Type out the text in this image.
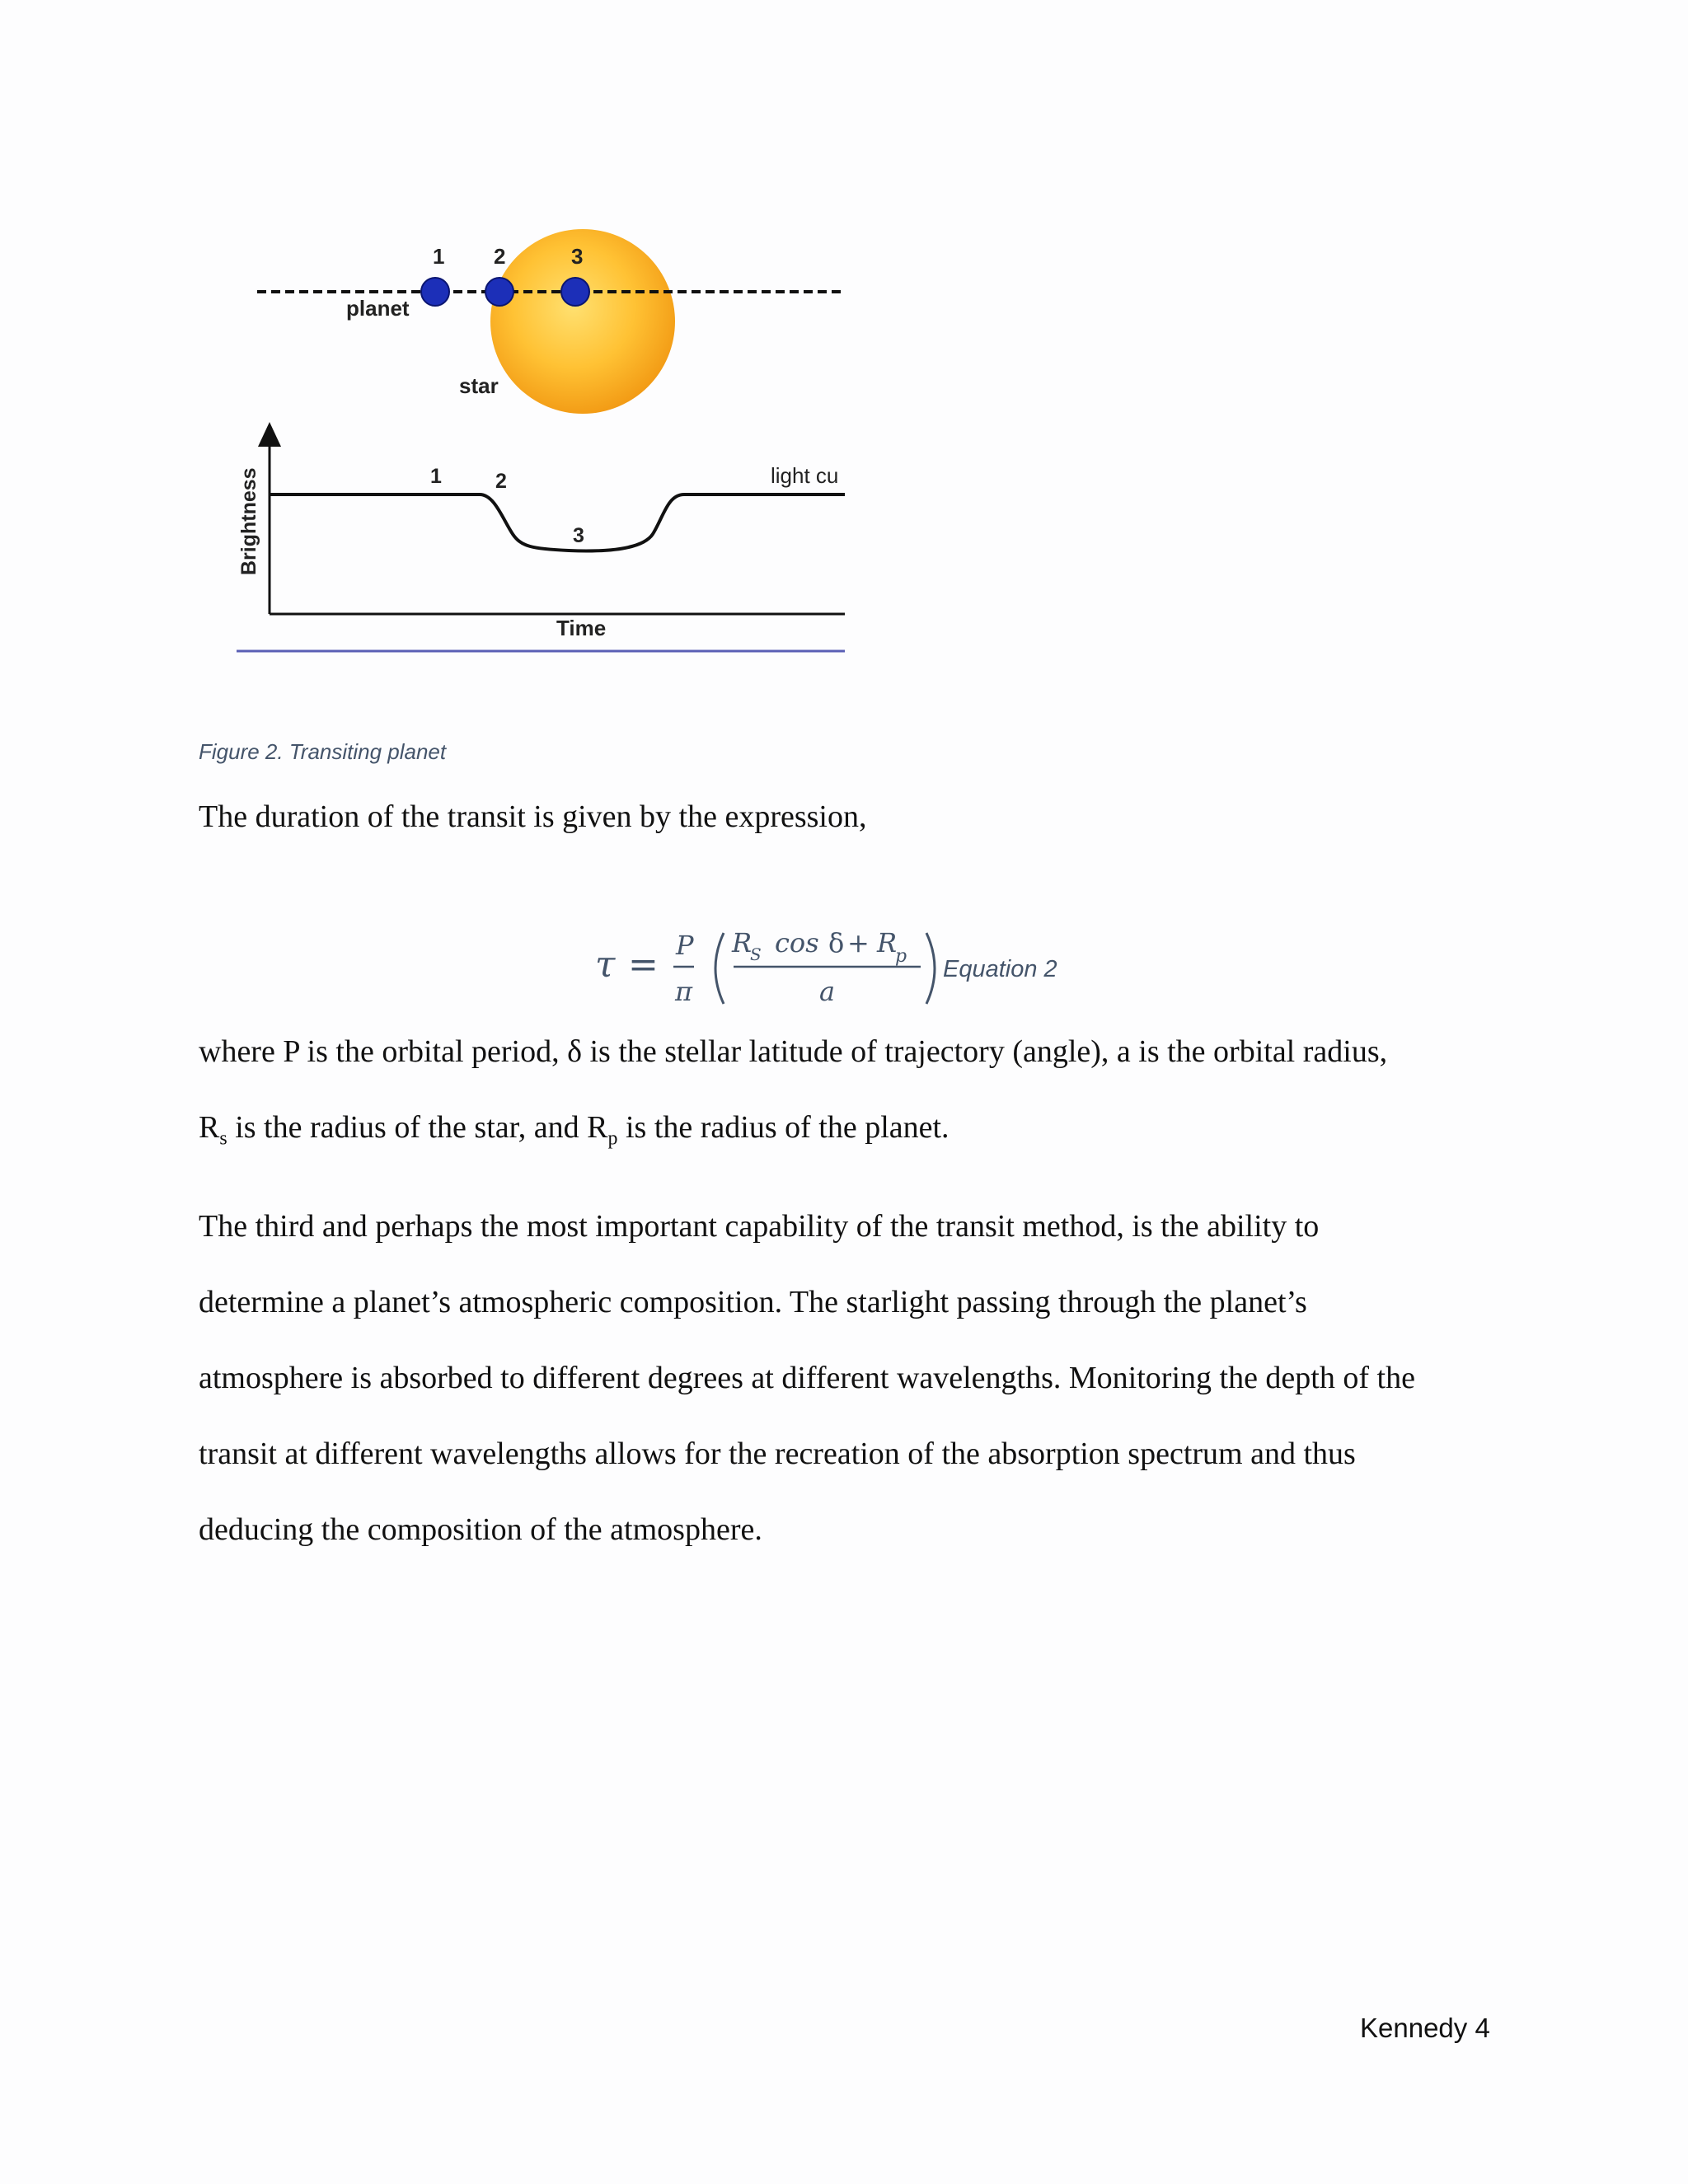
1 2	3
planet
star
Brightness
Time
1	2
3
light cu
Figure 2. Transiting planet

The duration of the transit is given by the expression,

τ = P
π
R
S cos δ + R
p
a
Equation 2
where P is the orbital period, δ is the stellar latitude of trajectory (angle), a is the orbital radius,
$R_s$ is the radius of the star, and $R_p$ is the radius of the planet.
The third and perhaps the most important capability of the transit method, is the ability to
determine a planet’s atmospheric composition. The starlight passing through the planet’s
atmosphere is absorbed to different degrees at different wavelengths. Monitoring the depth of the
transit at different wavelengths allows for the recreation of the absorption spectrum and thus
deducing the composition of the atmosphere.
Kennedy 4
